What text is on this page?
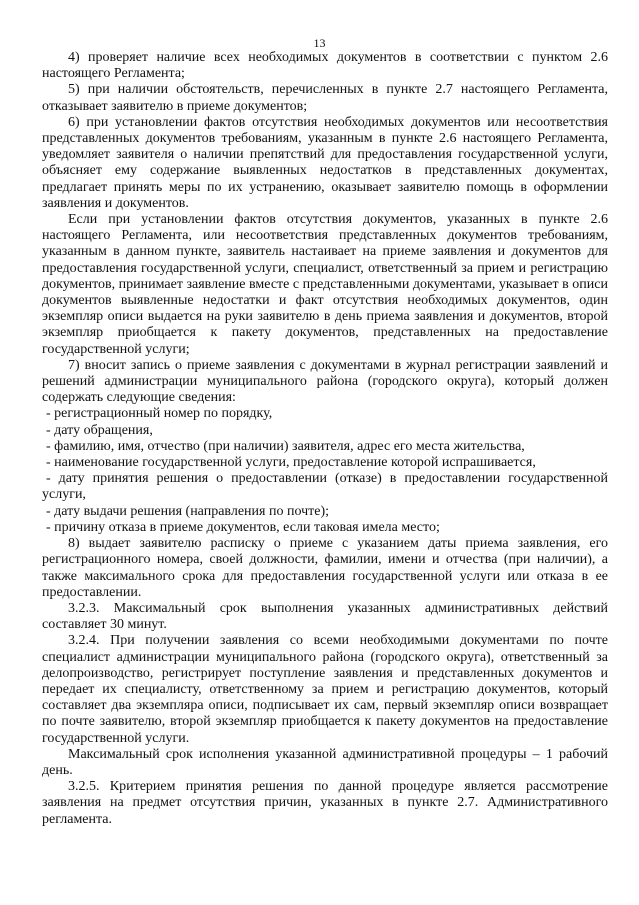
13

4) проверяет наличие всех необходимых документов в соответствии с пунктом 2.6 настоящего Регламента;

5) при наличии обстоятельств, перечисленных в пункте 2.7 настоящего Регламента, отказывает заявителю в приеме документов;

6) при установлении фактов отсутствия необходимых документов или несоответствия представленных документов требованиям, указанным в пункте 2.6 настоящего Регламента, уведомляет заявителя о наличии препятствий для предоставления государственной услуги, объясняет ему содержание выявленных недостатков в представленных документах, предлагает принять меры по их устранению, оказывает заявителю помощь в оформлении заявления и документов.

Если при установлении фактов отсутствия документов, указанных в пункте 2.6 настоящего Регламента, или несоответствия представленных документов требованиям, указанным в данном пункте, заявитель настаивает на приеме заявления и документов для предоставления государственной услуги, специалист, ответственный за прием и регистрацию документов, принимает заявление вместе с представленными документами, указывает в описи документов выявленные недостатки и факт отсутствия необходимых документов, один экземпляр описи выдается на руки заявителю в день приема заявления и документов, второй экземпляр приобщается к пакету документов, представленных на предоставление государственной услуги;

7) вносит запись о приеме заявления с документами в журнал регистрации заявлений и решений администрации муниципального района (городского округа), который должен содержать следующие сведения:

- регистрационный номер по порядку,

- дату обращения,

- фамилию, имя, отчество (при наличии) заявителя, адрес его места жительства,

- наименование государственной услуги, предоставление которой испрашивается,

- дату принятия решения о предоставлении (отказе) в предоставлении государственной услуги,

- дату выдачи решения (направления по почте);

- причину отказа в приеме документов, если таковая имела место;

8) выдает заявителю расписку о приеме с указанием даты приема заявления, его регистрационного номера, своей должности, фамилии, имени и отчества (при наличии), а также максимального срока для предоставления государственной услуги или отказа в ее предоставлении.

3.2.3. Максимальный срок выполнения указанных административных действий составляет 30 минут.

3.2.4. При получении заявления со всеми необходимыми документами по почте специалист администрации муниципального района (городского округа), ответственный за делопроизводство, регистрирует поступление заявления и представленных документов и передает их специалисту, ответственному за прием и регистрацию документов, который составляет два экземпляра описи, подписывает их сам, первый экземпляр описи возвращает по почте заявителю, второй экземпляр приобщается к пакету документов на предоставление государственной услуги.

Максимальный срок исполнения указанной административной процедуры – 1 рабочий день.

3.2.5. Критерием принятия решения по данной процедуре является рассмотрение заявления на предмет отсутствия причин, указанных в пункте 2.7. Административного регламента.
